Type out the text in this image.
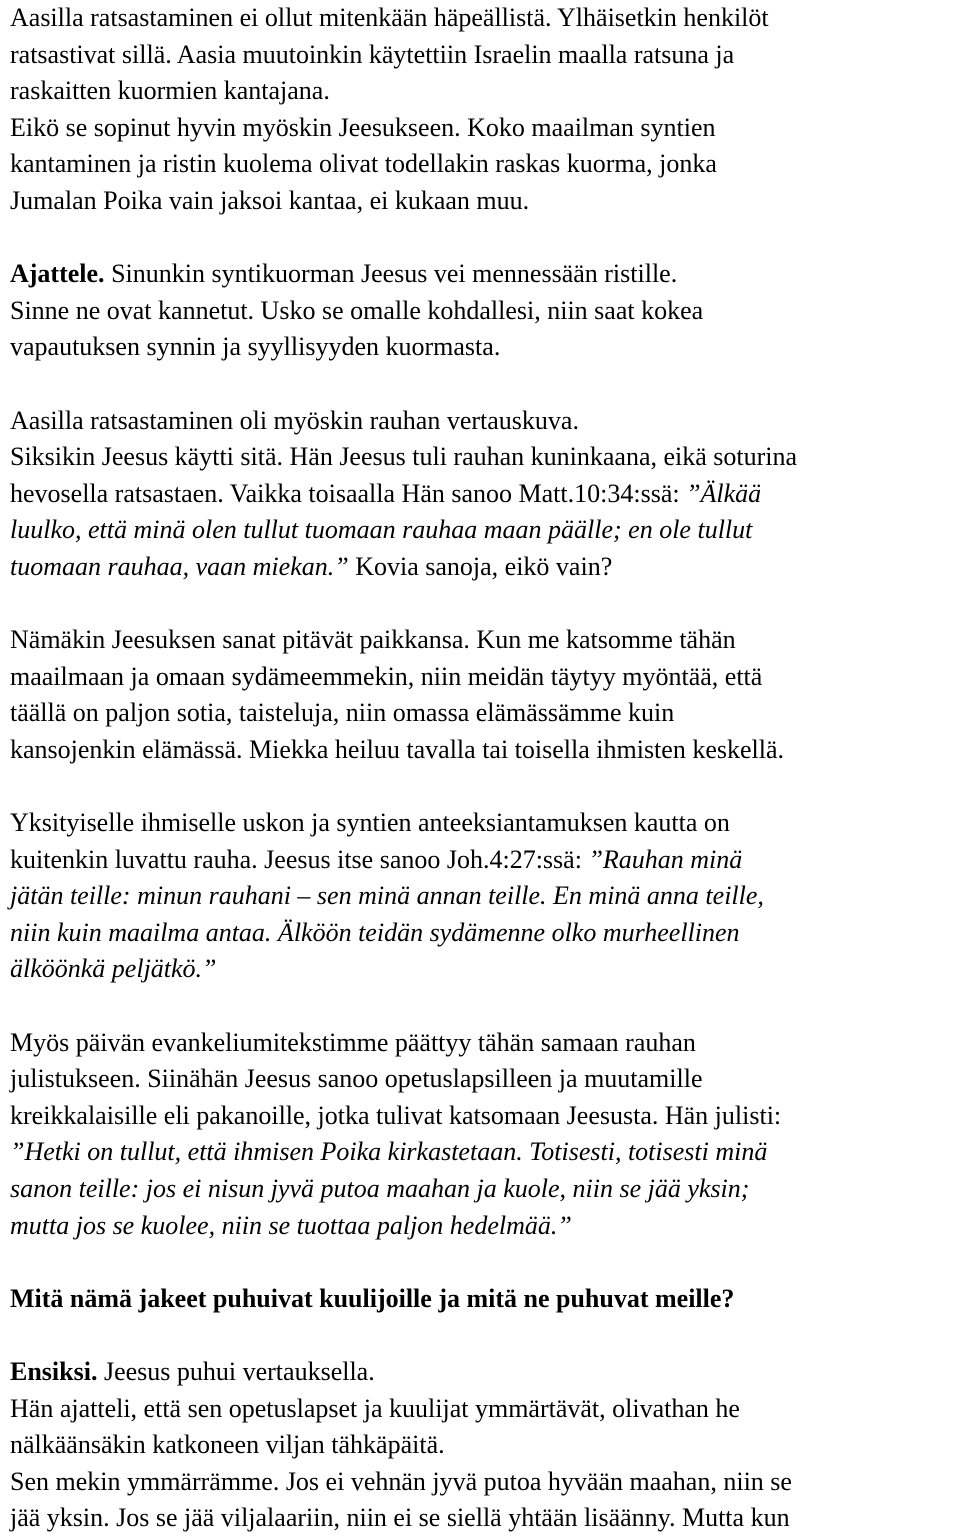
Aasilla ratsastaminen ei ollut mitenkään häpeällistä. Ylhäisetkin henkilöt
ratsastivat sillä. Aasia muutoinkin käytettiin Israelin maalla ratsuna ja
raskaitten kuormien kantajana.
Eikö se sopinut hyvin myöskin Jeesukseen. Koko maailman syntien
kantaminen ja ristin kuolema olivat todellakin raskas kuorma, jonka
Jumalan Poika vain jaksoi kantaa, ei kukaan muu.
Ajattele. Sinunkin syntikuorman Jeesus vei mennessään ristille.
Sinne ne ovat kannetut. Usko se omalle kohdallesi, niin saat kokea
vapautuksen synnin ja syyllisyyden kuormasta.
Aasilla ratsastaminen oli myöskin rauhan vertauskuva.
Siksikin Jeesus käytti sitä. Hän Jeesus tuli rauhan kuninkaana, eikä soturina
hevosella ratsastaen. Vaikka toisaalla Hän sanoo Matt.10:34:ssä: ”Älkää
luulko, että minä olen tullut tuomaan rauhaa maan päälle; en ole tullut
tuomaan rauhaa, vaan miekan.” Kovia sanoja, eikö vain?
Nämäkin Jeesuksen sanat pitävät paikkansa. Kun me katsomme tähän
maailmaan ja omaan sydämeemmekin, niin meidän täytyy myöntää, että
täällä on paljon sotia, taisteluja, niin omassa elämässämme kuin
kansojenkin elämässä. Miekka heiluu tavalla tai toisella ihmisten keskellä.
Yksityiselle ihmiselle uskon ja syntien anteeksiantamuksen kautta on
kuitenkin luvattu rauha. Jeesus itse sanoo Joh.4:27:ssä: ”Rauhan minä
jätän teille: minun rauhani – sen minä annan teille. En minä anna teille,
niin kuin maailma antaa. Älköön teidän sydämenne olko murheellinen
älköönkä peljätkö.”
Myös päivän evankeliumitekstimme päättyy tähän samaan rauhan
julistukseen. Siinähän Jeesus sanoo opetuslapsilleen ja muutamille
kreikkalaisille eli pakanoille, jotka tulivat katsomaan Jeesusta. Hän julisti:
”Hetki on tullut, että ihmisen Poika kirkastetaan. Totisesti, totisesti minä
sanon teille: jos ei nisun jyvä putoa maahan ja kuole, niin se jää yksin;
mutta jos se kuolee, niin se tuottaa paljon hedelmää.”
Mitä nämä jakeet puhuivat kuulijoille ja mitä ne puhuvat meille?
Ensiksi. Jeesus puhui vertauksella.
Hän ajatteli, että sen opetuslapset ja kuulijat ymmärtävät, olivathan he
nälkäänsäkin katkoneen viljan tähkäpäitä.
Sen mekin ymmärrämme. Jos ei vehnän jyvä putoa hyvään maahan, niin se
jää yksin. Jos se jää viljalaariin, niin ei se siellä yhtään lisäänny. Mutta kun
